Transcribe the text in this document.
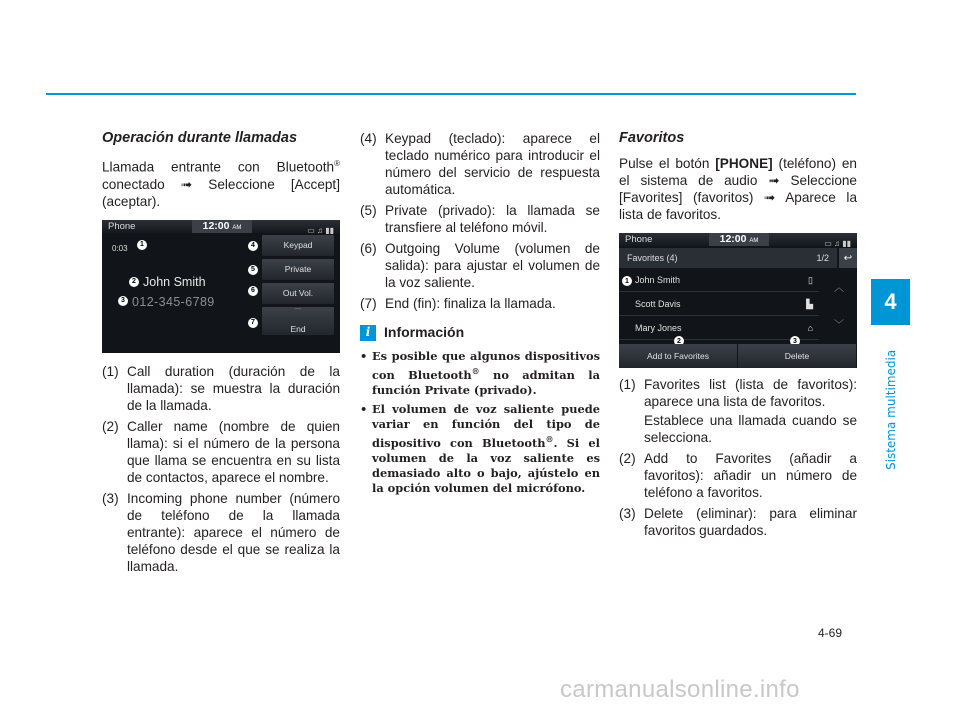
4
Sistema multimedia
Operación durante llamadas

Llamada entrante con Bluetooth® conectado ➟ Seleccione [Accept] (aceptar).

Phone	12:00 AM	▭ ♫ ▮▮
0:03	1
2 John Smith
3 012-345-6789
Keypad
Private
Out Vol.
⌒
End
4
5
6
7
(1) Call duration (duración de la llamada): se muestra la duración de la llamada.
(2) Caller name (nombre de quien llama): si el número de la persona que llama se encuentra en su lista de contactos, aparece el nombre.
(3) Incoming phone number (número de teléfono de la llamada entrante): aparece el número de teléfono desde el que se realiza la llamada.
(4) Keypad (teclado): aparece el teclado numérico para introducir el número del servicio de respuesta automática.
(5) Private (privado): la llamada se transfiere al teléfono móvil.
(6) Outgoing Volume (volumen de salida): para ajustar el volumen de la voz saliente.
(7) End (fin): finaliza la llamada.
i Información
• Es posible que algunos dispositivos con Bluetooth® no admitan la función Private (privado).
• El volumen de voz saliente puede variar en función del tipo de dispositivo con Bluetooth®. Si el volumen de la voz saliente es demasiado alto o bajo, ajústelo en la opción volumen del micrófono.
Favoritos

Pulse el botón [PHONE] (teléfono) en el sistema de audio ➟ Seleccione [Favorites] (favoritos) ➟ Aparece la lista de favoritos.

Phone	12:00 AM	▭ ♫ ▮▮
Favorites (4)	1/2	↩
John Smith	▯
Scott Davis	▙
Mary Jones	⌂
︿
﹀
1
2	3
Add to Favorites	Delete
(1) Favorites list (lista de favoritos): aparece una lista de favoritos.
Establece una llamada cuando se selecciona.
(2) Add to Favorites (añadir a favoritos): añadir un número de teléfono a favoritos.
(3) Delete (eliminar): para eliminar favoritos guardados.
4-69
carmanualsonline.info
